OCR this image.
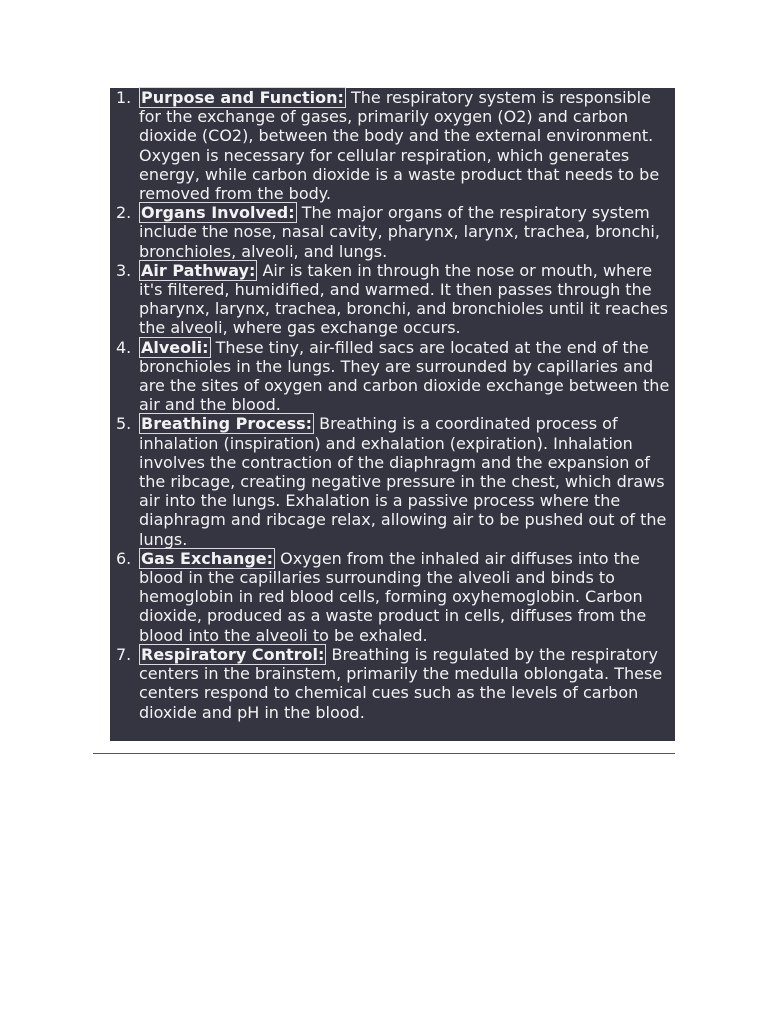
1. Purpose and Function: The respiratory system is responsible for the exchange of gases, primarily oxygen (O2) and carbon dioxide (CO2), between the body and the external environment. Oxygen is necessary for cellular respiration, which generates energy, while carbon dioxide is a waste product that needs to be removed from the body.
2. Organs Involved: The major organs of the respiratory system include the nose, nasal cavity, pharynx, larynx, trachea, bronchi, bronchioles, alveoli, and lungs.
3. Air Pathway: Air is taken in through the nose or mouth, where it's filtered, humidified, and warmed. It then passes through the pharynx, larynx, trachea, bronchi, and bronchioles until it reaches the alveoli, where gas exchange occurs.
4. Alveoli: These tiny, air-filled sacs are located at the end of the bronchioles in the lungs. They are surrounded by capillaries and are the sites of oxygen and carbon dioxide exchange between the air and the blood.
5. Breathing Process: Breathing is a coordinated process of inhalation (inspiration) and exhalation (expiration). Inhalation involves the contraction of the diaphragm and the expansion of the ribcage, creating negative pressure in the chest, which draws air into the lungs. Exhalation is a passive process where the diaphragm and ribcage relax, allowing air to be pushed out of the lungs.
6. Gas Exchange: Oxygen from the inhaled air diffuses into the blood in the capillaries surrounding the alveoli and binds to hemoglobin in red blood cells, forming oxyhemoglobin. Carbon dioxide, produced as a waste product in cells, diffuses from the blood into the alveoli to be exhaled.
7. Respiratory Control: Breathing is regulated by the respiratory centers in the brainstem, primarily the medulla oblongata. These centers respond to chemical cues such as the levels of carbon dioxide and pH in the blood.
